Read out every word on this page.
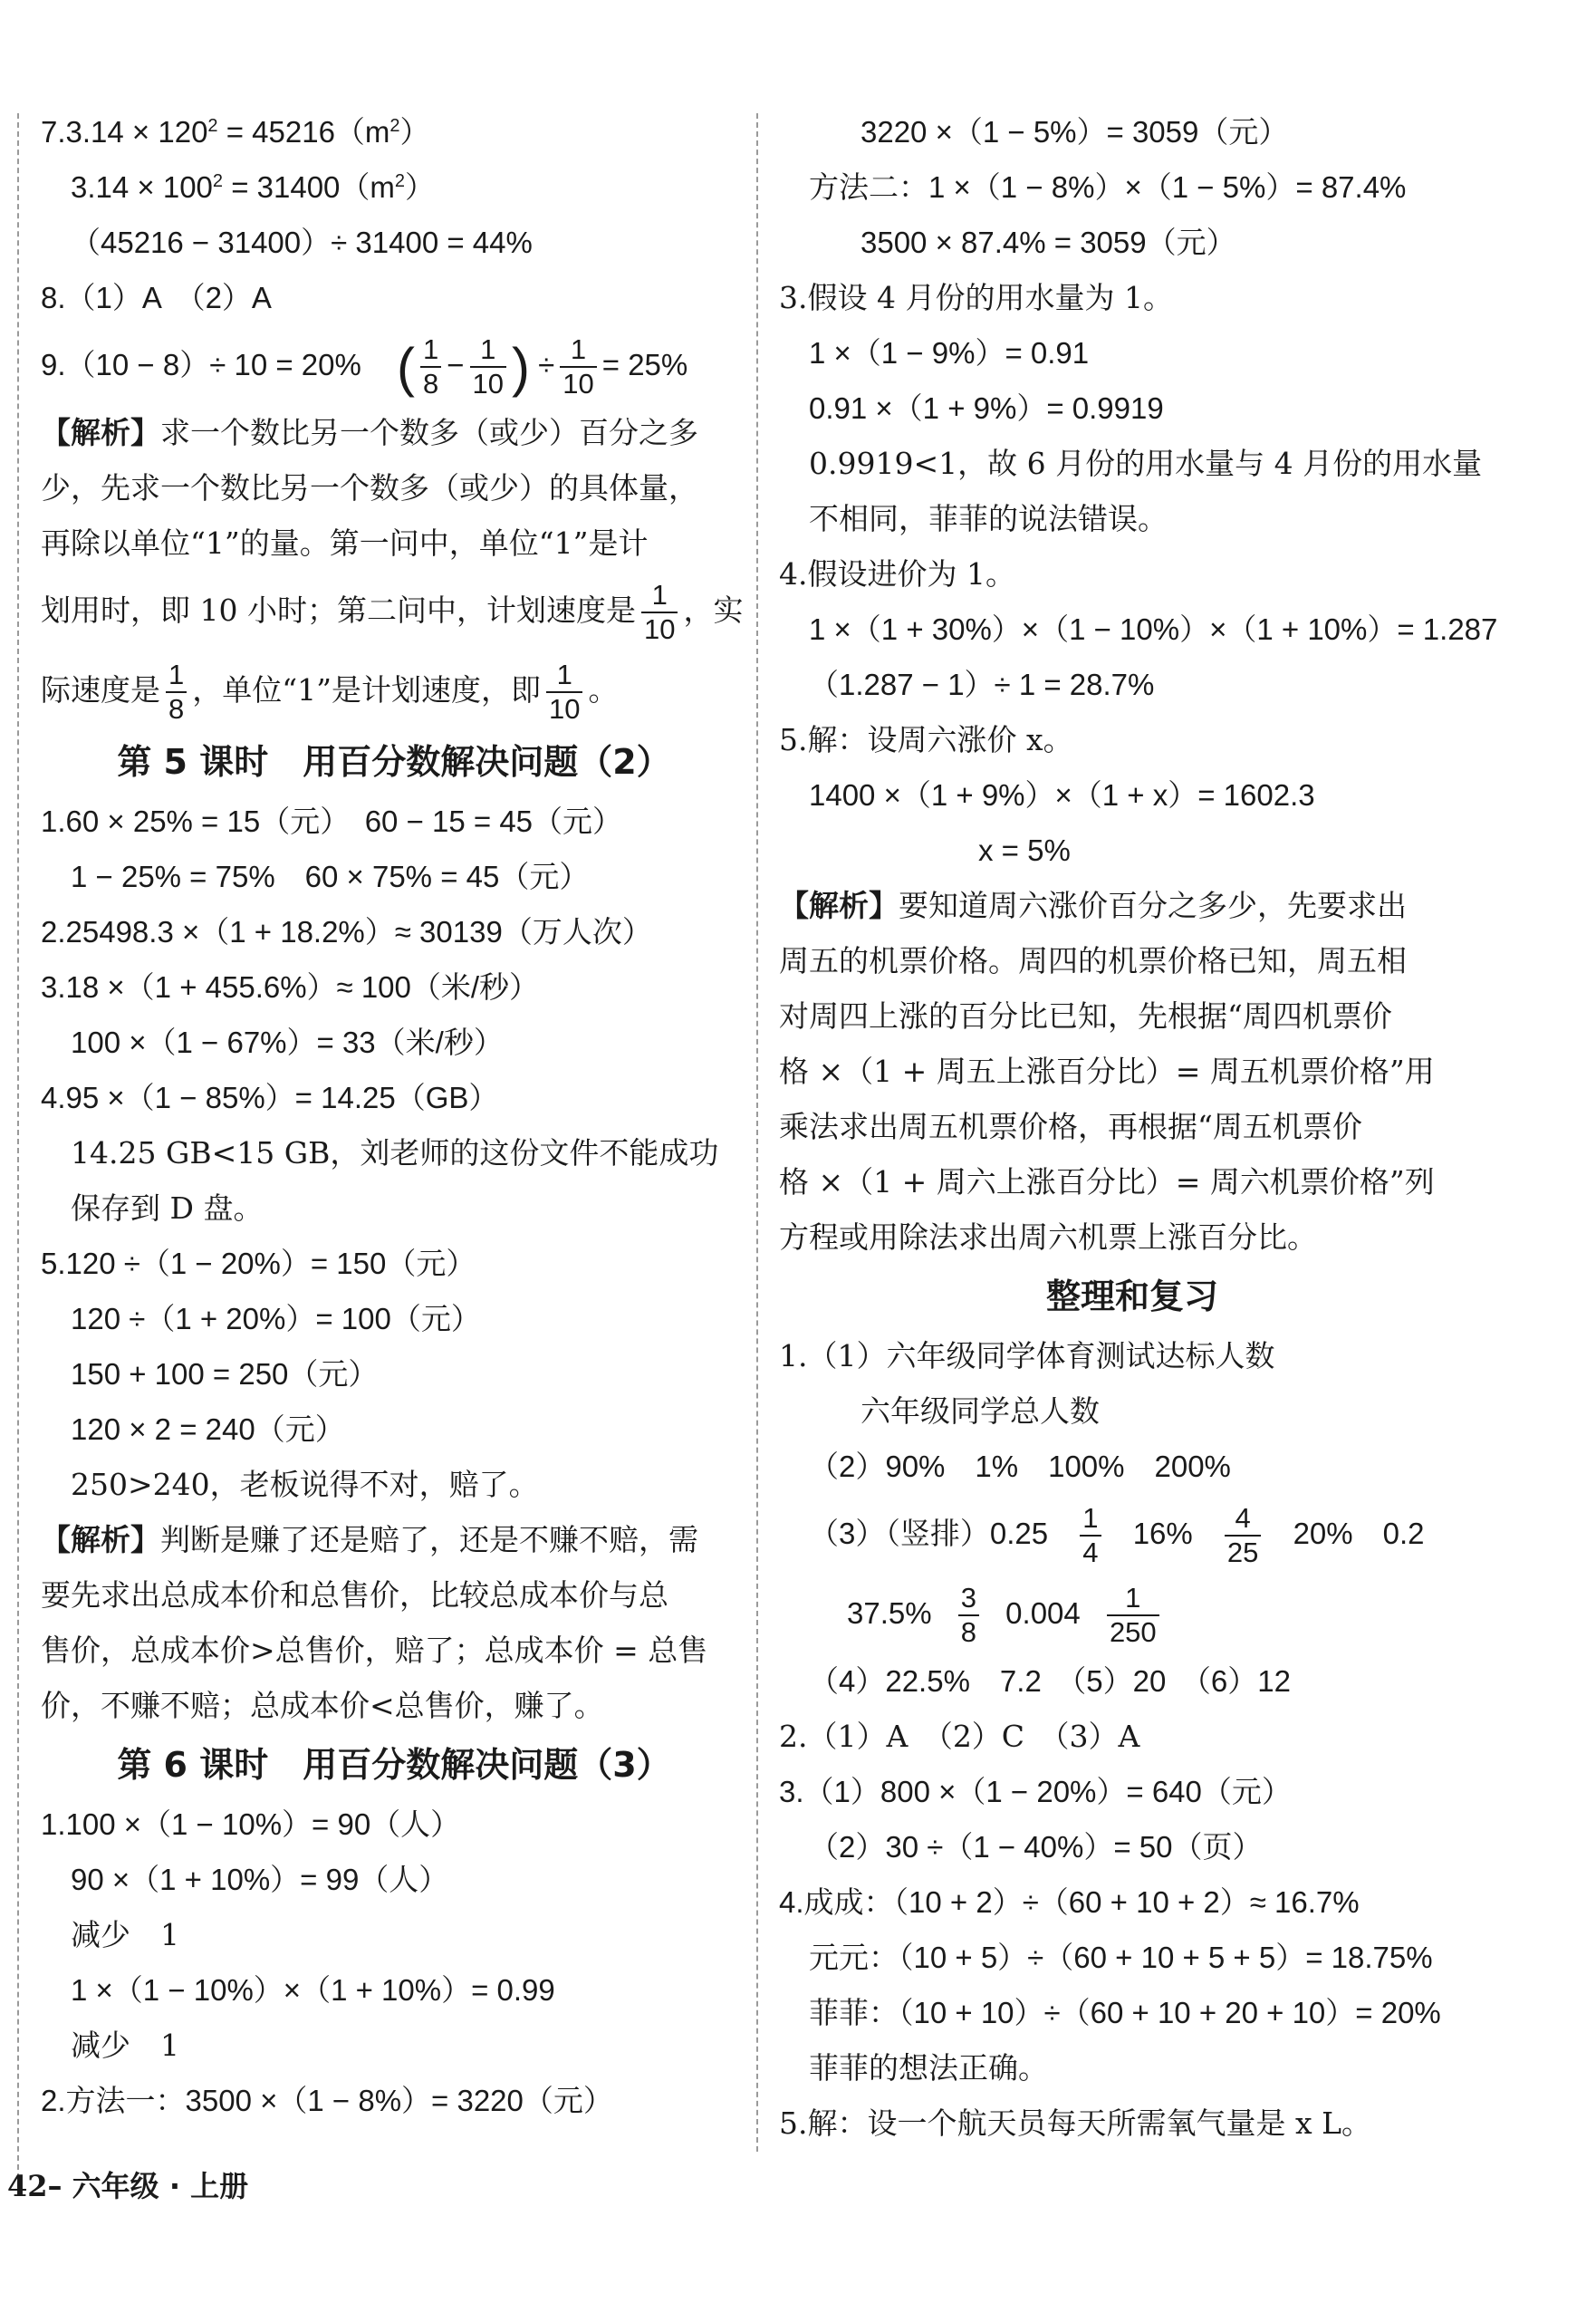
$7.3.14 \times 120^2 = 45216(m^2)$
$3.14 \times 100^2 = 31400(m^2)$
（45216 − 31400）÷ 31400 = 44%
8.（1）A　（2）A
9.（10 − 8）÷ 10 = 20% ( $\frac{1}{8} - \frac{1}{10}$ ) ÷ $\frac{1}{10} = 25\%$
【解析】求一个数比另一个数多（或少）百分之多
少，先求一个数比另一个数多（或少）的具体量，
再除以单位“1”的量。第一问中，单位“1”是计
划用时，即 10 小时；第二问中，计划速度是 $\frac{1}{10}$ ，实
际速度是 $\frac{1}{8}$ ，单位“1”是计划速度，即 $\frac{1}{10}$ 。
第 5 课时　用百分数解决问题（2）
1.60 × 25% = 15（元）　60 − 15 = 45（元）
1 − 25% = 75%　60 × 75% = 45（元）
2.25498.3 ×（1 + 18.2%）≈ 30139（万人次）
3.18 ×（1 + 455.6%）≈ 100（米/秒）
100 ×（1 − 67%）= 33（米/秒）
4.95 ×（1 − 85%）= 14.25（GB）
14.25 GB<15 GB，刘老师的这份文件不能成功
保存到 D 盘。
5.120 ÷（1 − 20%）= 150（元）
120 ÷（1 + 20%）= 100（元）
150 + 100 = 250（元）
120 × 2 = 240（元）
250>240，老板说得不对，赔了。
【解析】判断是赚了还是赔了，还是不赚不赔，需
要先求出总成本价和总售价，比较总成本价与总
售价，总成本价>总售价，赔了；总成本价 = 总售
价，不赚不赔；总成本价<总售价，赚了。
第 6 课时　用百分数解决问题（3）
1.100 ×（1 − 10%）= 90（人）
90 ×（1 + 10%）= 99（人）
减少　1
1 ×（1 − 10%）×（1 + 10%）= 0.99
减少　1
2.方法一：3500 ×（1 − 8%）= 3220（元）
3220 ×（1 − 5%）= 3059（元）
方法二：1 ×（1 − 8%）×（1 − 5%）= 87.4%
3500 × 87.4% = 3059（元）
3.假设 4 月份的用水量为 1。
1 ×（1 − 9%）= 0.91
0.91 ×（1 + 9%）= 0.9919
0.9919<1，故 6 月份的用水量与 4 月份的用水量
不相同，菲菲的说法错误。
4.假设进价为 1。
1 ×（1 + 30%）×（1 − 10%）×（1 + 10%）= 1.287
（1.287 − 1）÷ 1 = 28.7%
5.解：设周六涨价 x。
1400 ×（1 + 9%）×（1 + x）= 1602.3
x = 5%
【解析】要知道周六涨价百分之多少，先要求出
周五的机票价格。周四的机票价格已知，周五相
对周四上涨的百分比已知，先根据“周四机票价
格 ×（1 + 周五上涨百分比）= 周五机票价格”用
乘法求出周五机票价格，再根据“周五机票价
格 ×（1 + 周六上涨百分比）= 周六机票价格”列
方程或用除法求出周六机票上涨百分比。
整理和复习
1.（1）六年级同学体育测试达标人数
六年级同学总人数
（2）90%　1%　100%　200%
（3）（竖排）$0.25 \frac{1}{4} 16\% \frac{4}{25} 20\%$　0.2
$37.5\% \frac{3}{8} 0.004 \frac{1}{250}$
（4）22.5%　7.2　（5）20　（6）12
2.（1）A　（2）C　（3）A
3.（1）800 ×（1 − 20%）= 640（元）
（2）30 ÷（1 − 40%）= 50（页）
4.成成：（10 + 2）÷（60 + 10 + 2）≈ 16.7%
元元：（10 + 5）÷（60 + 10 + 5 + 5）= 18.75%
菲菲：（10 + 10）÷（60 + 10 + 20 + 10）= 20%
菲菲的想法正确。
5.解：设一个航天员每天所需氧气量是 x L。
42– 六年级 · 上册
